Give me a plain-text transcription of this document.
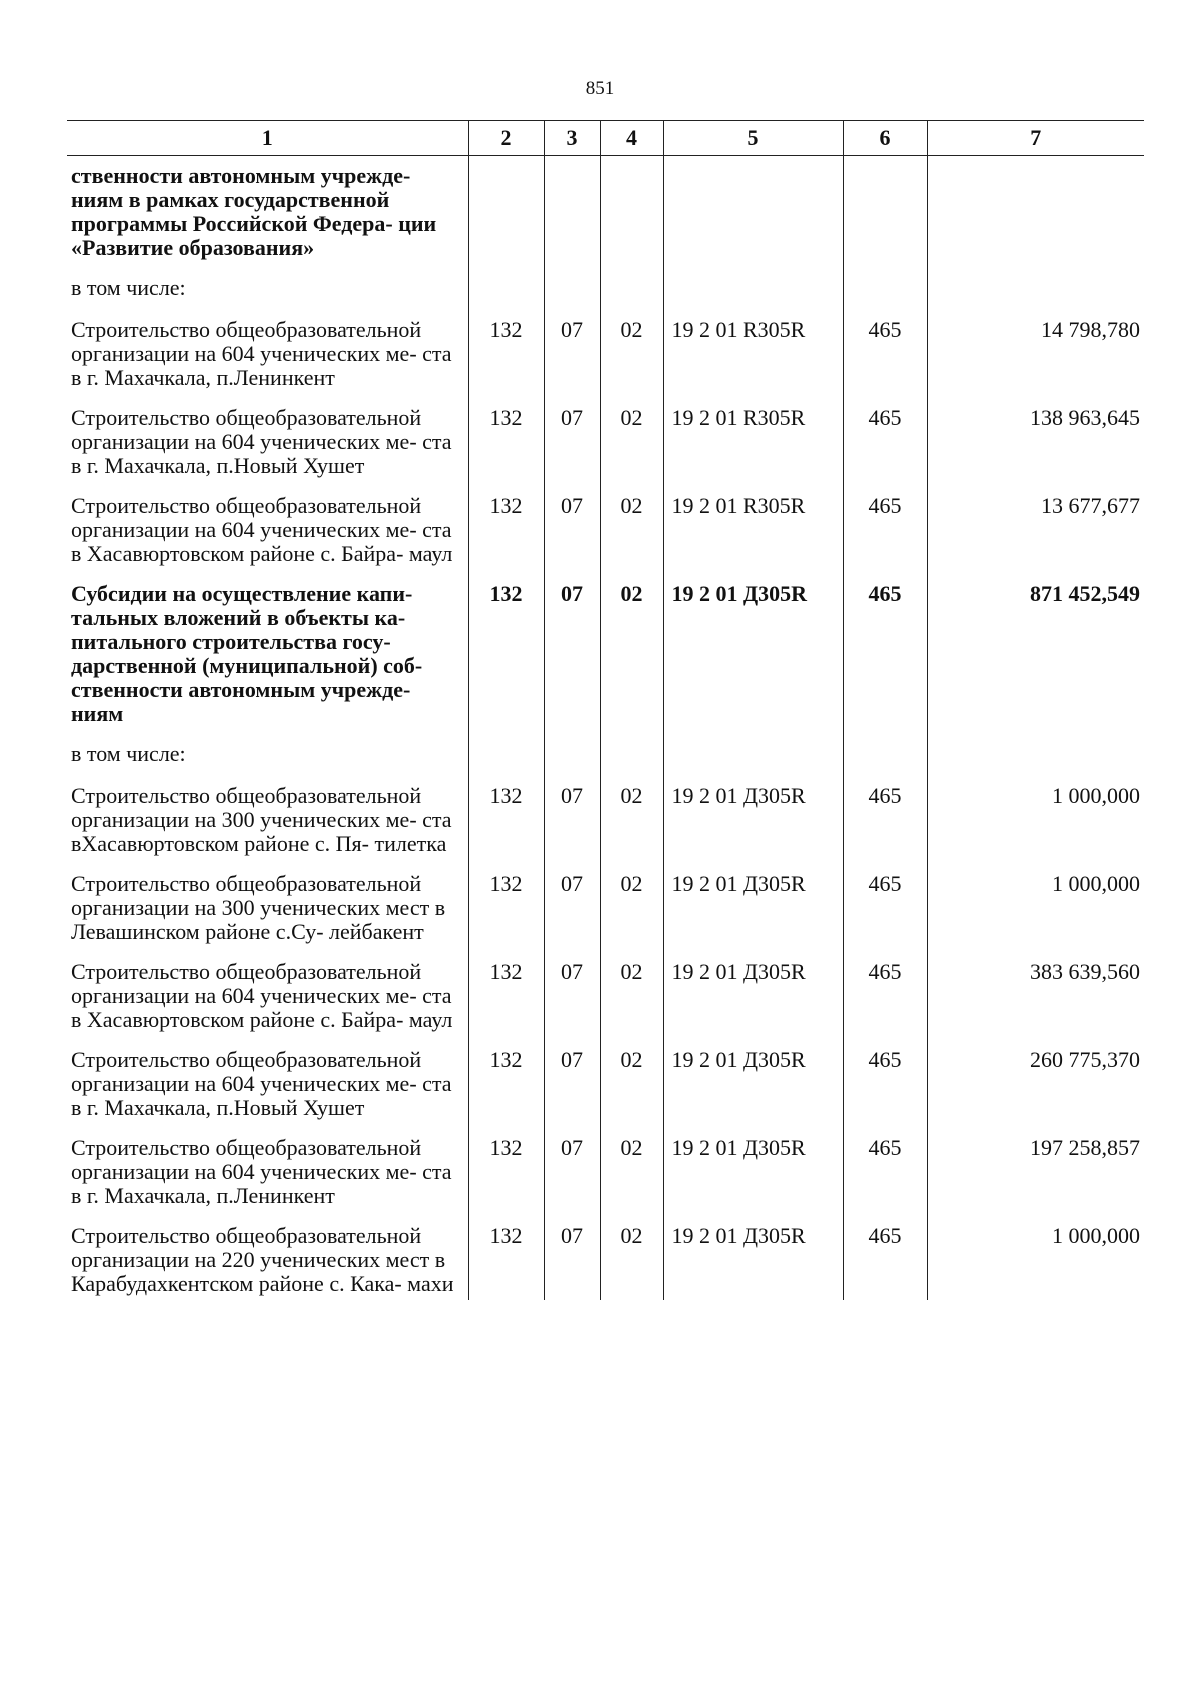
851
1	2	3	4	5	6	7
ственности автономным учрежде- ниям в рамках государственной программы Российской Федера- ции «Развитие образования»						
в том числе:						
Строительство общеобразовательной организации на 604 ученических ме- ста в г. Махачкала, п.Ленинкент	132	07	02	19 2 01 R305R	465	14 798,780
Строительство общеобразовательной организации на 604 ученических ме- ста в г. Махачкала, п.Новый Хушет	132	07	02	19 2 01 R305R	465	138 963,645
Строительство общеобразовательной организации на 604 ученических ме- ста в Хасавюртовском районе с. Байра- маул	132	07	02	19 2 01 R305R	465	13 677,677
Субсидии на осуществление капи- тальных вложений в объекты ка- питального строительства госу- дарственной (муниципальной) соб- ственности автономным учрежде- ниям	132	07	02	19 2 01 Д305R	465	871 452,549
в том числе:						
Строительство общеобразовательной организации на 300 ученических ме- ста вХасавюртовском районе с. Пя- тилетка	132	07	02	19 2 01 Д305R	465	1 000,000
Строительство общеобразовательной организации на 300 ученических мест в Левашинском районе с.Су- лейбакент	132	07	02	19 2 01 Д305R	465	1 000,000
Строительство общеобразовательной организации на 604 ученических ме- ста в Хасавюртовском районе с. Байра- маул	132	07	02	19 2 01 Д305R	465	383 639,560
Строительство общеобразовательной организации на 604 ученических ме- ста в г. Махачкала, п.Новый Хушет	132	07	02	19 2 01 Д305R	465	260 775,370
Строительство общеобразовательной организации на 604 ученических ме- ста в г. Махачкала, п.Ленинкент	132	07	02	19 2 01 Д305R	465	197 258,857
Строительство общеобразовательной организации на 220 ученических мест в Карабудахкентском районе с. Кака- махи	132	07	02	19 2 01 Д305R	465	1 000,000
